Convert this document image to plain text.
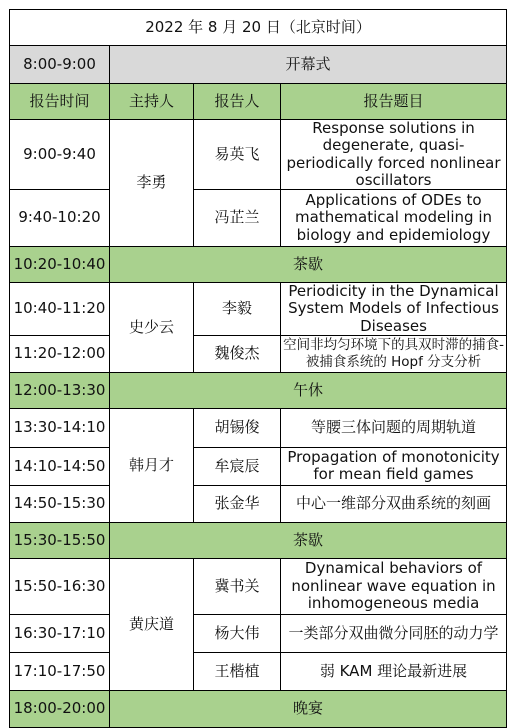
2022 年 8 月 20 日（北京时间）			
8:00-9:00	开幕式		
报告时间	主持人	报告人	报告题目
9:00-9:40	李勇	易英飞	Response solutions in degenerate, quasi-periodically forced nonlinear oscillators
9:40-10:20		冯芷兰	Applications of ODEs to mathematical modeling in biology and epidemiology
10:20-10:40	茶歇		
10:40-11:20	史少云	李毅	Periodicity in the Dynamical System Models of Infectious Diseases
11:20-12:00		魏俊杰	空间非均匀环境下的具双时滞的捕食-被捕食系统的 Hopf 分支分析
12:00-13:30	午休		
13:30-14:10	韩月才	胡锡俊	等腰三体问题的周期轨道
14:10-14:50		牟宸辰	Propagation of monotonicity for mean field games
14:50-15:30		张金华	中心一维部分双曲系统的刻画
15:30-15:50	茶歇		
15:50-16:30	黄庆道	冀书关	Dynamical behaviors of nonlinear wave equation in inhomogeneous media
16:30-17:10		杨大伟	一类部分双曲微分同胚的动力学
17:10-17:50		王楷植	弱 KAM 理论最新进展
18:00-20:00	晚宴		
